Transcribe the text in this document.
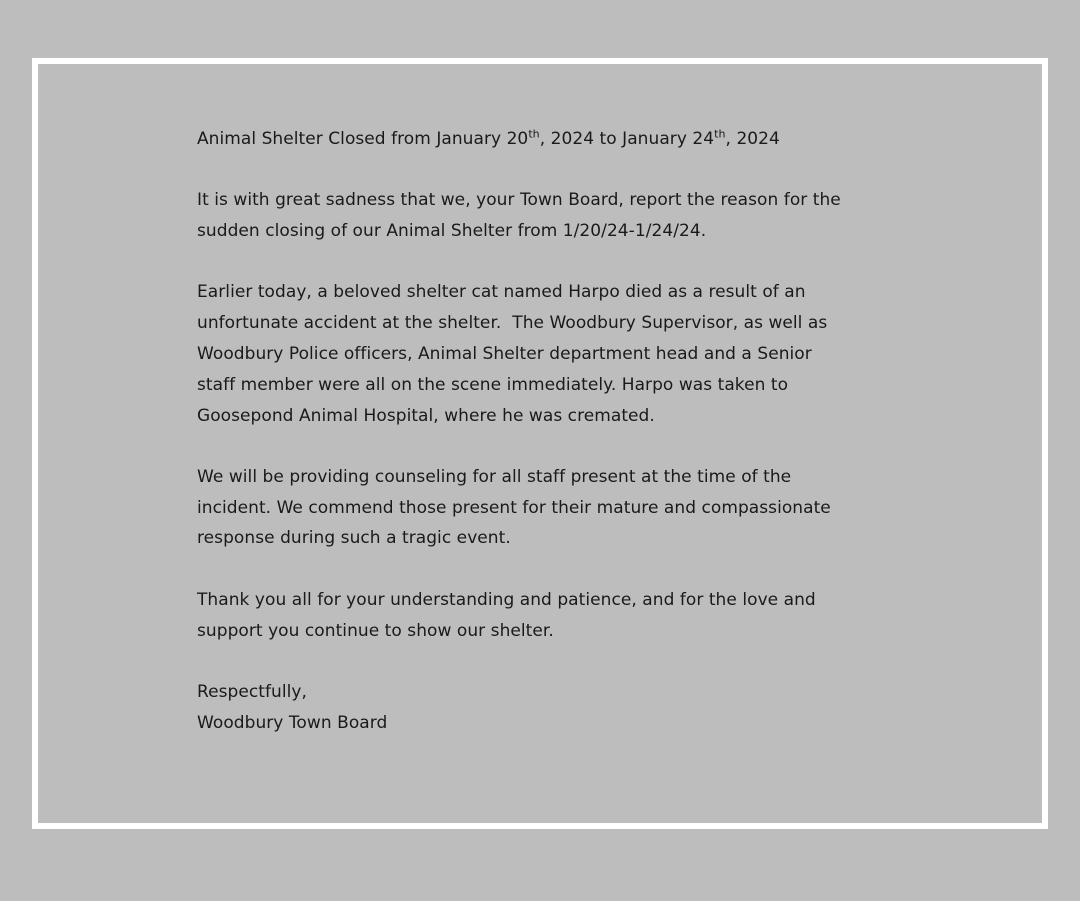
Animal Shelter Closed from January 20th, 2024 to January 24th, 2024

It is with great sadness that we, your Town Board, report the reason for the
sudden closing of our Animal Shelter from 1/20/24-1/24/24.

Earlier today, a beloved shelter cat named Harpo died as a result of an
unfortunate accident at the shelter.  The Woodbury Supervisor, as well as
Woodbury Police officers, Animal Shelter department head and a Senior
staff member were all on the scene immediately. Harpo was taken to
Goosepond Animal Hospital, where he was cremated.

We will be providing counseling for all staff present at the time of the
incident. We commend those present for their mature and compassionate
response during such a tragic event.

Thank you all for your understanding and patience, and for the love and
support you continue to show our shelter.

Respectfully,

Woodbury Town Board
